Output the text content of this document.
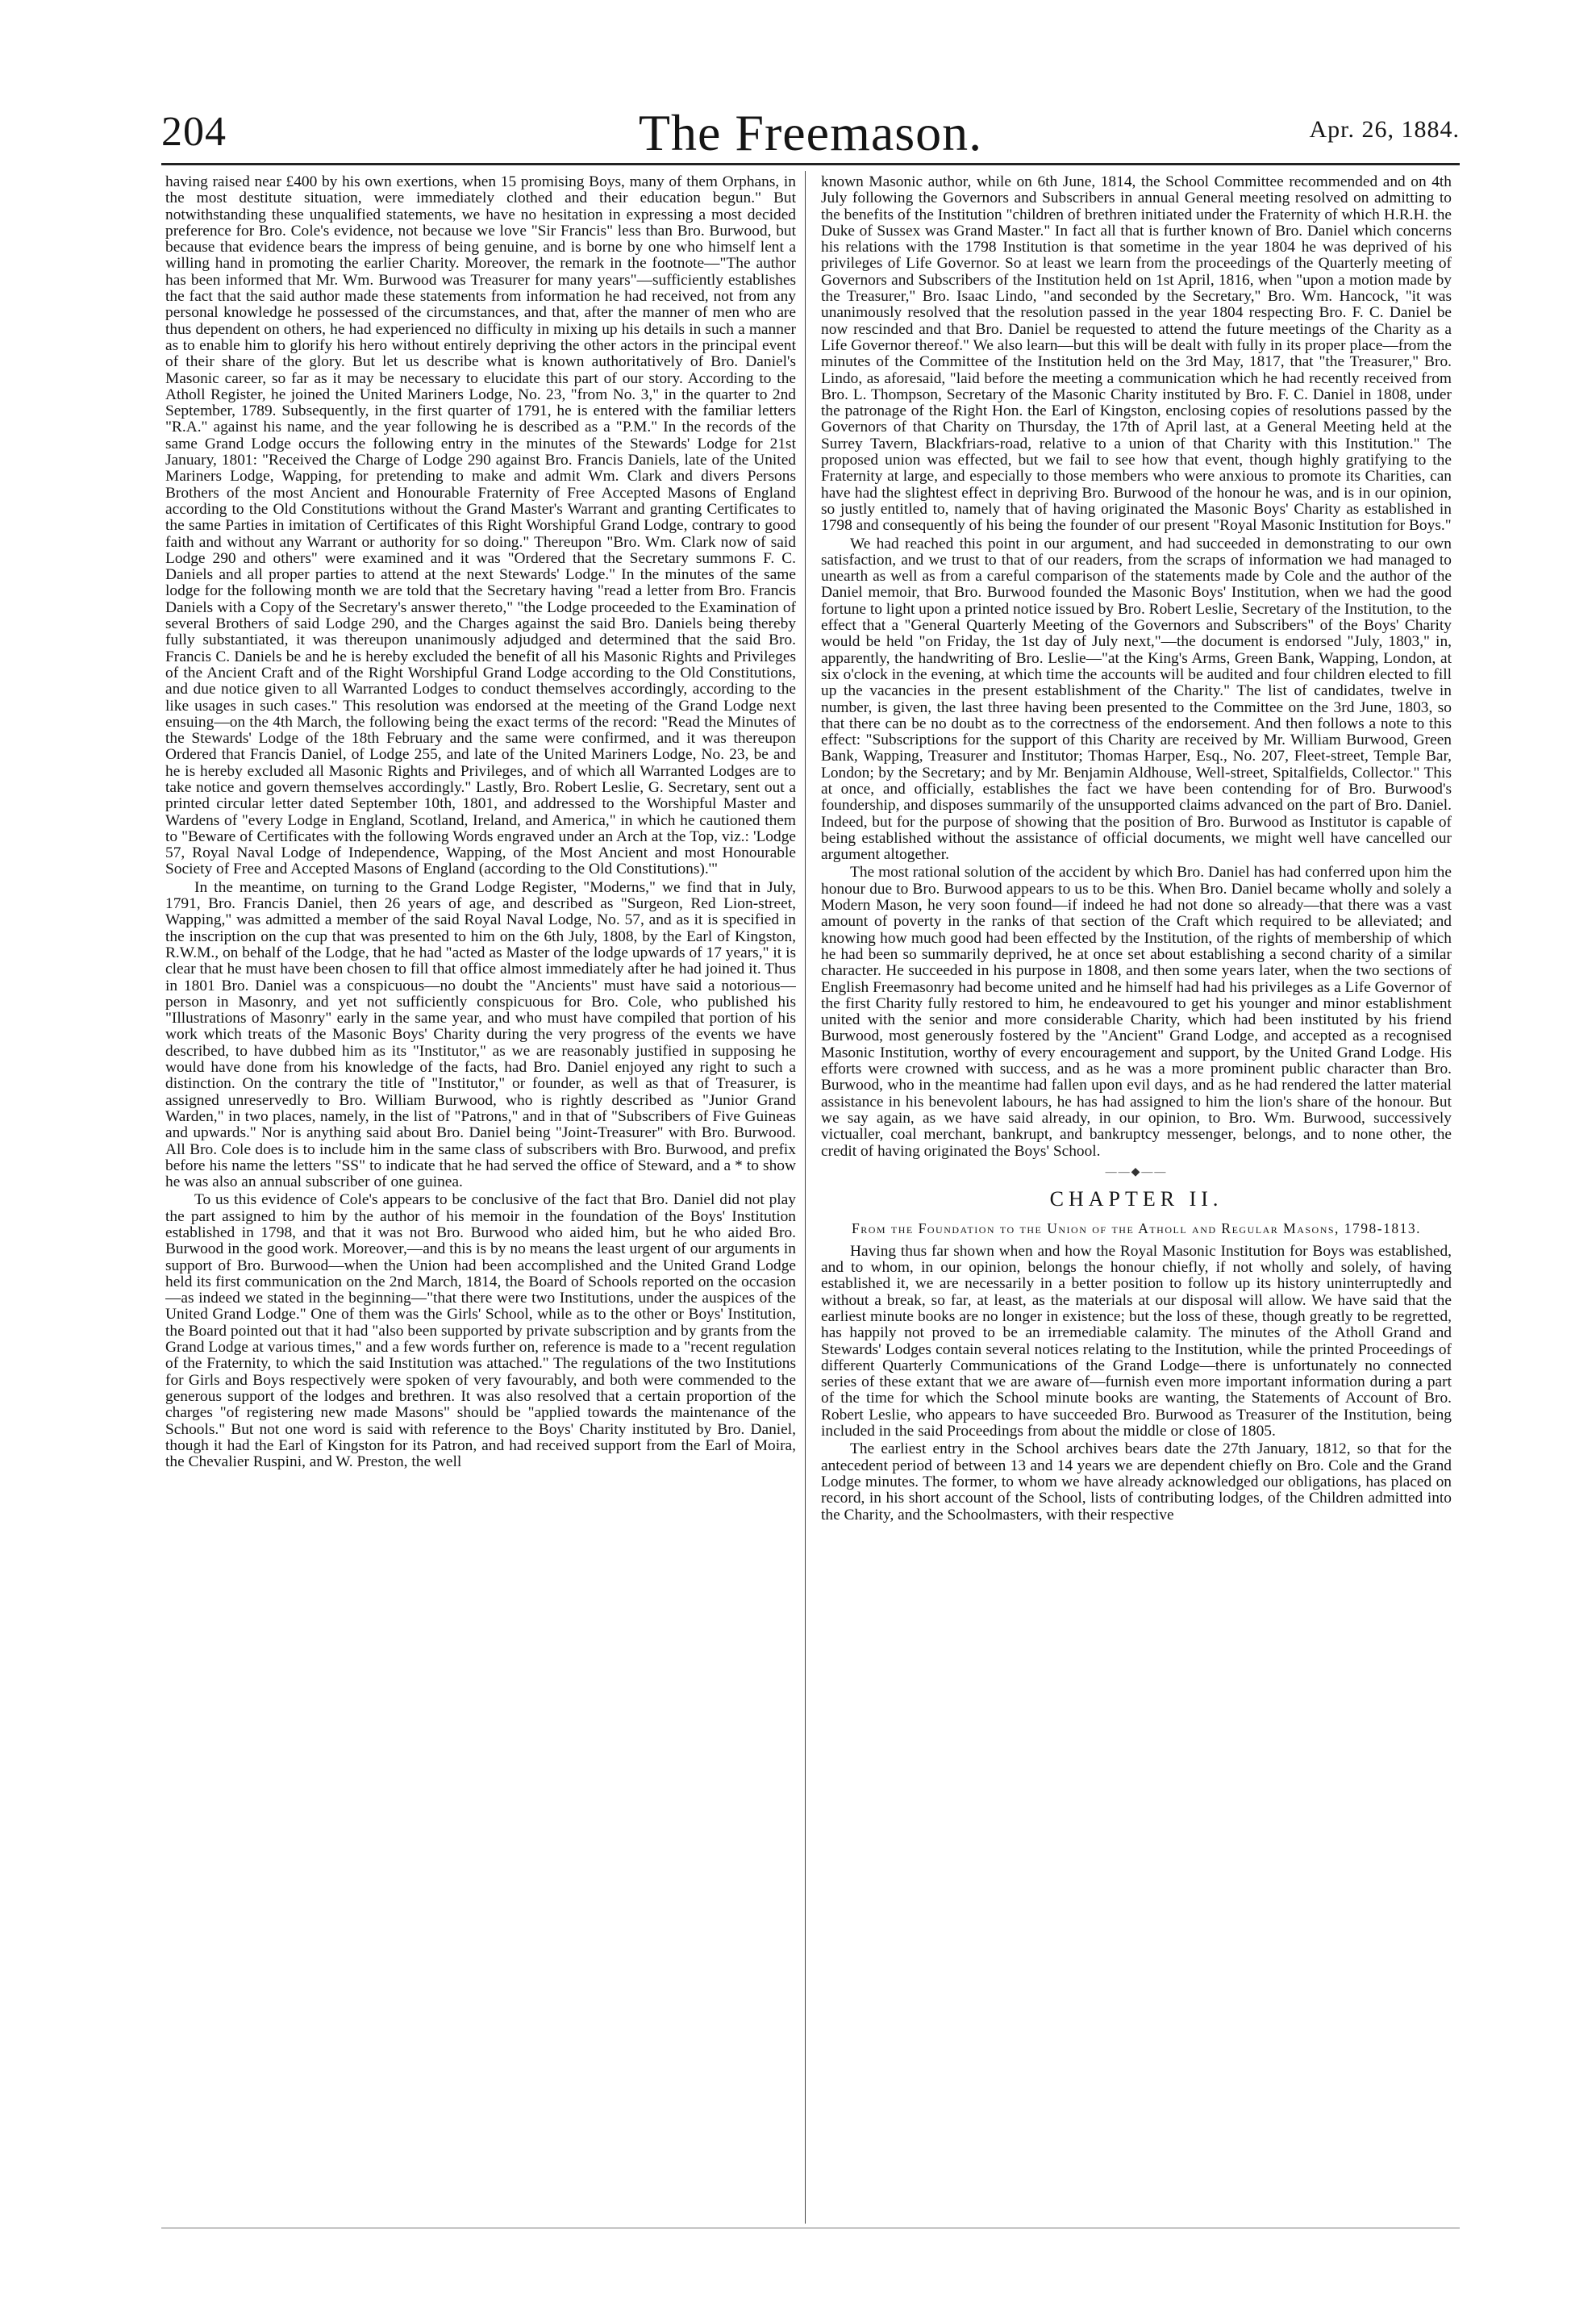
204	The Freemason.	Apr. 26, 1884.

having raised near £400 by his own exertions, when 15 promising Boys, many of them Orphans, in the most destitute situation, were immediately clothed and their education begun." But notwithstanding these unqualified statements, we have no hesitation in expressing a most decided preference for Bro. Cole's evidence, not because we love "Sir Francis" less than Bro. Burwood, but because that evidence bears the impress of being genuine, and is borne by one who himself lent a willing hand in promoting the earlier Charity. Moreover, the remark in the footnote—"The author has been informed that Mr. Wm. Burwood was Treasurer for many years"—sufficiently establishes the fact that the said author made these statements from information he had received, not from any personal knowledge he possessed of the circumstances, and that, after the manner of men who are thus dependent on others, he had experienced no difficulty in mixing up his details in such a manner as to enable him to glorify his hero without entirely depriving the other actors in the principal event of their share of the glory. But let us describe what is known authoritatively of Bro. Daniel's Masonic career, so far as it may be necessary to elucidate this part of our story. According to the Atholl Register, he joined the United Mariners Lodge, No. 23, "from No. 3," in the quarter to 2nd September, 1789. Subsequently, in the first quarter of 1791, he is entered with the familiar letters "R.A." against his name, and the year following he is described as a "P.M." In the records of the same Grand Lodge occurs the following entry in the minutes of the Stewards' Lodge for 21st January, 1801: "Received the Charge of Lodge 290 against Bro. Francis Daniels, late of the United Mariners Lodge, Wapping, for pretending to make and admit Wm. Clark and divers Persons Brothers of the most Ancient and Honourable Fraternity of Free Accepted Masons of England according to the Old Constitutions without the Grand Master's Warrant and granting Certificates to the same Parties in imitation of Certificates of this Right Worshipful Grand Lodge, contrary to good faith and without any Warrant or authority for so doing." Thereupon "Bro. Wm. Clark now of said Lodge 290 and others" were examined and it was "Ordered that the Secretary summons F. C. Daniels and all proper parties to attend at the next Stewards' Lodge." In the minutes of the same lodge for the following month we are told that the Secretary having "read a letter from Bro. Francis Daniels with a Copy of the Secretary's answer thereto," "the Lodge proceeded to the Examination of several Brothers of said Lodge 290, and the Charges against the said Bro. Daniels being thereby fully substantiated, it was thereupon unanimously adjudged and determined that the said Bro. Francis C. Daniels be and he is hereby excluded the benefit of all his Masonic Rights and Privileges of the Ancient Craft and of the Right Worshipful Grand Lodge according to the Old Constitutions, and due notice given to all Warranted Lodges to conduct themselves accordingly, according to the like usages in such cases." This resolution was endorsed at the meeting of the Grand Lodge next ensuing—on the 4th March, the following being the exact terms of the record: "Read the Minutes of the Stewards' Lodge of the 18th February and the same were confirmed, and it was thereupon Ordered that Francis Daniel, of Lodge 255, and late of the United Mariners Lodge, No. 23, be and he is hereby excluded all Masonic Rights and Privileges, and of which all Warranted Lodges are to take notice and govern themselves accordingly." Lastly, Bro. Robert Leslie, G. Secretary, sent out a printed circular letter dated September 10th, 1801, and addressed to the Worshipful Master and Wardens of "every Lodge in England, Scotland, Ireland, and America," in which he cautioned them to "Beware of Certificates with the following Words engraved under an Arch at the Top, viz.: 'Lodge 57, Royal Naval Lodge of Independence, Wapping, of the Most Ancient and most Honourable Society of Free and Accepted Masons of England (according to the Old Constitutions).'"

In the meantime, on turning to the Grand Lodge Register, "Moderns," we find that in July, 1791, Bro. Francis Daniel, then 26 years of age, and described as "Surgeon, Red Lion-street, Wapping," was admitted a member of the said Royal Naval Lodge, No. 57, and as it is specified in the inscription on the cup that was presented to him on the 6th July, 1808, by the Earl of Kingston, R.W.M., on behalf of the Lodge, that he had "acted as Master of the lodge upwards of 17 years," it is clear that he must have been chosen to fill that office almost immediately after he had joined it. Thus in 1801 Bro. Daniel was a conspicuous—no doubt the "Ancients" must have said a notorious—person in Masonry, and yet not sufficiently conspicuous for Bro. Cole, who published his "Illustrations of Masonry" early in the same year, and who must have compiled that portion of his work which treats of the Masonic Boys' Charity during the very progress of the events we have described, to have dubbed him as its "Institutor," as we are reasonably justified in supposing he would have done from his knowledge of the facts, had Bro. Daniel enjoyed any right to such a distinction. On the contrary the title of "Institutor," or founder, as well as that of Treasurer, is assigned unreservedly to Bro. William Burwood, who is rightly described as "Junior Grand Warden," in two places, namely, in the list of "Patrons," and in that of "Subscribers of Five Guineas and upwards." Nor is anything said about Bro. Daniel being "Joint-Treasurer" with Bro. Burwood. All Bro. Cole does is to include him in the same class of subscribers with Bro. Burwood, and prefix before his name the letters "SS" to indicate that he had served the office of Steward, and a * to show he was also an annual subscriber of one guinea.

To us this evidence of Cole's appears to be conclusive of the fact that Bro. Daniel did not play the part assigned to him by the author of his memoir in the foundation of the Boys' Institution established in 1798, and that it was not Bro. Burwood who aided him, but he who aided Bro. Burwood in the good work. Moreover,—and this is by no means the least urgent of our arguments in support of Bro. Burwood—when the Union had been accomplished and the United Grand Lodge held its first communication on the 2nd March, 1814, the Board of Schools reported on the occasion—as indeed we stated in the beginning—"that there were two Institutions, under the auspices of the United Grand Lodge." One of them was the Girls' School, while as to the other or Boys' Institution, the Board pointed out that it had "also been supported by private subscription and by grants from the Grand Lodge at various times," and a few words further on, reference is made to a "recent regulation of the Fraternity, to which the said Institution was attached." The regulations of the two Institutions for Girls and Boys respectively were spoken of very favourably, and both were commended to the generous support of the lodges and brethren. It was also resolved that a certain proportion of the charges "of registering new made Masons" should be "applied towards the maintenance of the Schools." But not one word is said with reference to the Boys' Charity instituted by Bro. Daniel, though it had the Earl of Kingston for its Patron, and had received support from the Earl of Moira, the Chevalier Ruspini, and W. Preston, the well

known Masonic author, while on 6th June, 1814, the School Committee recommended and on 4th July following the Governors and Subscribers in annual General meeting resolved on admitting to the benefits of the Institution "children of brethren initiated under the Fraternity of which H.R.H. the Duke of Sussex was Grand Master." In fact all that is further known of Bro. Daniel which concerns his relations with the 1798 Institution is that sometime in the year 1804 he was deprived of his privileges of Life Governor. So at least we learn from the proceedings of the Quarterly meeting of Governors and Subscribers of the Institution held on 1st April, 1816, when "upon a motion made by the Treasurer," Bro. Isaac Lindo, "and seconded by the Secretary," Bro. Wm. Hancock, "it was unanimously resolved that the resolution passed in the year 1804 respecting Bro. F. C. Daniel be now rescinded and that Bro. Daniel be requested to attend the future meetings of the Charity as a Life Governor thereof." We also learn—but this will be dealt with fully in its proper place—from the minutes of the Committee of the Institution held on the 3rd May, 1817, that "the Treasurer," Bro. Lindo, as aforesaid, "laid before the meeting a communication which he had recently received from Bro. L. Thompson, Secretary of the Masonic Charity instituted by Bro. F. C. Daniel in 1808, under the patronage of the Right Hon. the Earl of Kingston, enclosing copies of resolutions passed by the Governors of that Charity on Thursday, the 17th of April last, at a General Meeting held at the Surrey Tavern, Blackfriars-road, relative to a union of that Charity with this Institution." The proposed union was effected, but we fail to see how that event, though highly gratifying to the Fraternity at large, and especially to those members who were anxious to promote its Charities, can have had the slightest effect in depriving Bro. Burwood of the honour he was, and is in our opinion, so justly entitled to, namely that of having originated the Masonic Boys' Charity as established in 1798 and consequently of his being the founder of our present "Royal Masonic Institution for Boys."

We had reached this point in our argument, and had succeeded in demonstrating to our own satisfaction, and we trust to that of our readers, from the scraps of information we had managed to unearth as well as from a careful comparison of the statements made by Cole and the author of the Daniel memoir, that Bro. Burwood founded the Masonic Boys' Institution, when we had the good fortune to light upon a printed notice issued by Bro. Robert Leslie, Secretary of the Institution, to the effect that a "General Quarterly Meeting of the Governors and Subscribers" of the Boys' Charity would be held "on Friday, the 1st day of July next,"—the document is endorsed "July, 1803," in, apparently, the handwriting of Bro. Leslie—"at the King's Arms, Green Bank, Wapping, London, at six o'clock in the evening, at which time the accounts will be audited and four children elected to fill up the vacancies in the present establishment of the Charity." The list of candidates, twelve in number, is given, the last three having been presented to the Committee on the 3rd June, 1803, so that there can be no doubt as to the correctness of the endorsement. And then follows a note to this effect: "Subscriptions for the support of this Charity are received by Mr. William Burwood, Green Bank, Wapping, Treasurer and Institutor; Thomas Harper, Esq., No. 207, Fleet-street, Temple Bar, London; by the Secretary; and by Mr. Benjamin Aldhouse, Well-street, Spitalfields, Collector." This at once, and officially, establishes the fact we have been contending for of Bro. Burwood's foundership, and disposes summarily of the unsupported claims advanced on the part of Bro. Daniel. Indeed, but for the purpose of showing that the position of Bro. Burwood as Institutor is capable of being established without the assistance of official documents, we might well have cancelled our argument altogether.

The most rational solution of the accident by which Bro. Daniel has had conferred upon him the honour due to Bro. Burwood appears to us to be this. When Bro. Daniel became wholly and solely a Modern Mason, he very soon found—if indeed he had not done so already—that there was a vast amount of poverty in the ranks of that section of the Craft which required to be alleviated; and knowing how much good had been effected by the Institution, of the rights of membership of which he had been so summarily deprived, he at once set about establishing a second charity of a similar character. He succeeded in his purpose in 1808, and then some years later, when the two sections of English Freemasonry had become united and he himself had had his privileges as a Life Governor of the first Charity fully restored to him, he endeavoured to get his younger and minor establishment united with the senior and more considerable Charity, which had been instituted by his friend Burwood, most generously fostered by the "Ancient" Grand Lodge, and accepted as a recognised Masonic Institution, worthy of every encouragement and support, by the United Grand Lodge. His efforts were crowned with success, and as he was a more prominent public character than Bro. Burwood, who in the meantime had fallen upon evil days, and as he had rendered the latter material assistance in his benevolent labours, he has had assigned to him the lion's share of the honour. But we say again, as we have said already, in our opinion, to Bro. Wm. Burwood, successively victualler, coal merchant, bankrupt, and bankruptcy messenger, belongs, and to none other, the credit of having originated the Boys' School.

——◆——
CHAPTER II.
From the Foundation to the Union of the Atholl and Regular Masons, 1798-1813.

Having thus far shown when and how the Royal Masonic Institution for Boys was established, and to whom, in our opinion, belongs the honour chiefly, if not wholly and solely, of having established it, we are necessarily in a better position to follow up its history uninterruptedly and without a break, so far, at least, as the materials at our disposal will allow. We have said that the earliest minute books are no longer in existence; but the loss of these, though greatly to be regretted, has happily not proved to be an irremediable calamity. The minutes of the Atholl Grand and Stewards' Lodges contain several notices relating to the Institution, while the printed Proceedings of different Quarterly Communications of the Grand Lodge—there is unfortunately no connected series of these extant that we are aware of—furnish even more important information during a part of the time for which the School minute books are wanting, the Statements of Account of Bro. Robert Leslie, who appears to have succeeded Bro. Burwood as Treasurer of the Institution, being included in the said Proceedings from about the middle or close of 1805.

The earliest entry in the School archives bears date the 27th January, 1812, so that for the antecedent period of between 13 and 14 years we are dependent chiefly on Bro. Cole and the Grand Lodge minutes. The former, to whom we have already acknowledged our obligations, has placed on record, in his short account of the School, lists of contributing lodges, of the Children admitted into the Charity, and the Schoolmasters, with their respective
